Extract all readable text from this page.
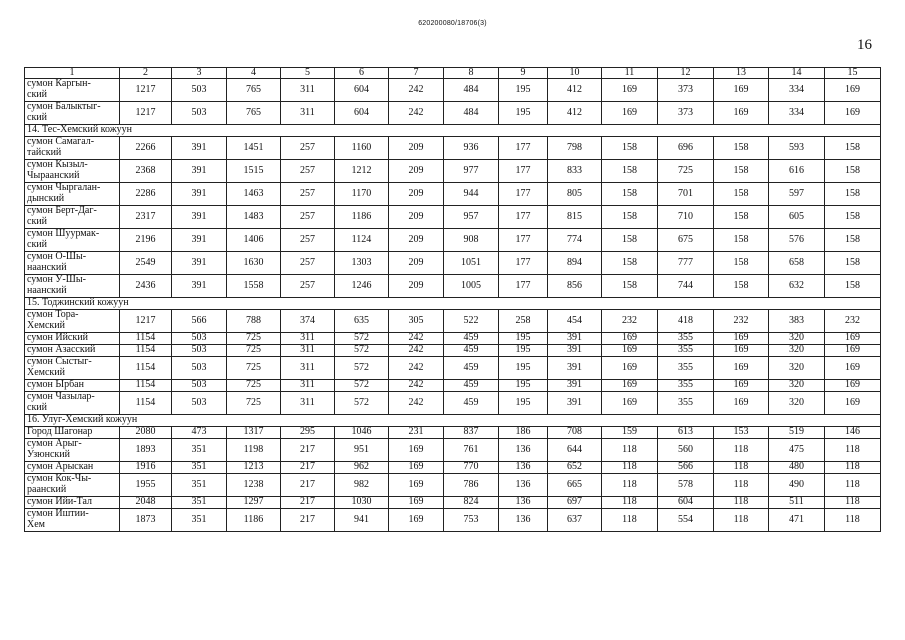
620200080/18706(3)
16
1	2	3	4	5	6	7	8	9	10	11	12	13	14	15
сумон Каргын-
ский	1217	503	765	311	604	242	484	195	412	169	373	169	334	169
сумон Балыктыг-
ский	1217	503	765	311	604	242	484	195	412	169	373	169	334	169
14. Тес-Хемский кожуун														
сумон Самагал-
тайский	2266	391	1451	257	1160	209	936	177	798	158	696	158	593	158
сумон Кызыл-
Чыраанский	2368	391	1515	257	1212	209	977	177	833	158	725	158	616	158
сумон Чыргалан-
дынский	2286	391	1463	257	1170	209	944	177	805	158	701	158	597	158
сумон Берт-Даг-
ский	2317	391	1483	257	1186	209	957	177	815	158	710	158	605	158
сумон Шуурмак-
ский	2196	391	1406	257	1124	209	908	177	774	158	675	158	576	158
сумон О-Шы-
наанский	2549	391	1630	257	1303	209	1051	177	894	158	777	158	658	158
сумон У-Шы-
наанский	2436	391	1558	257	1246	209	1005	177	856	158	744	158	632	158
15. Тоджинский кожуун														
сумон Тора-
Хемский	1217	566	788	374	635	305	522	258	454	232	418	232	383	232
сумон Ийский	1154	503	725	311	572	242	459	195	391	169	355	169	320	169
сумон Азасский	1154	503	725	311	572	242	459	195	391	169	355	169	320	169
сумон Сыстыг-
Хемский	1154	503	725	311	572	242	459	195	391	169	355	169	320	169
сумон Ырбан	1154	503	725	311	572	242	459	195	391	169	355	169	320	169
сумон Чазылар-
ский	1154	503	725	311	572	242	459	195	391	169	355	169	320	169
16. Улуг-Хемский кожуун														
Город Шагонар	2080	473	1317	295	1046	231	837	186	708	159	613	153	519	146
сумон Арыг-
Узюнский	1893	351	1198	217	951	169	761	136	644	118	560	118	475	118
сумон Арыскан	1916	351	1213	217	962	169	770	136	652	118	566	118	480	118
сумон Кок-Чы-
раанский	1955	351	1238	217	982	169	786	136	665	118	578	118	490	118
сумон Ийи-Тал	2048	351	1297	217	1030	169	824	136	697	118	604	118	511	118
сумон Иштии-
Хем	1873	351	1186	217	941	169	753	136	637	118	554	118	471	118
